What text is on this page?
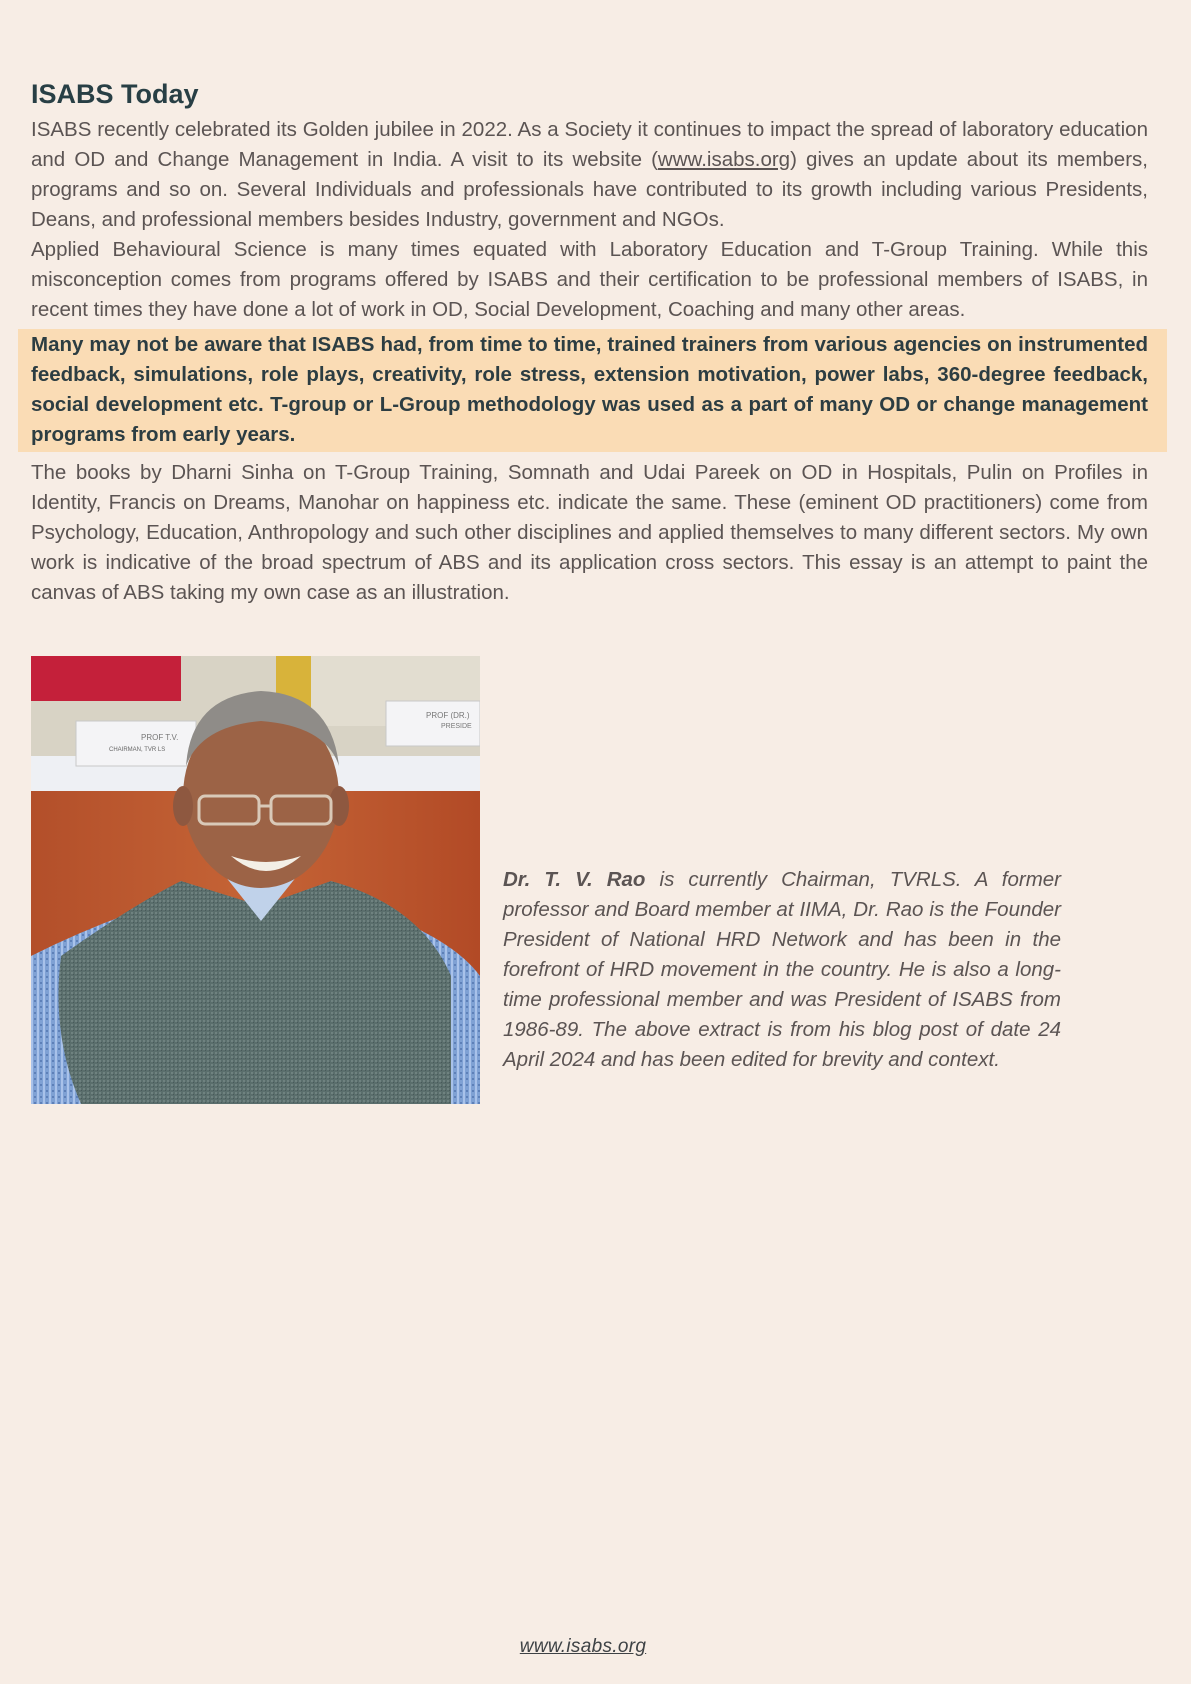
ISABS Today

ISABS recently celebrated its Golden jubilee in 2022. As a Society it continues to impact the spread of laboratory education and OD and Change Management in India. A visit to its website (www.isabs.org) gives an update about its members, programs and so on. Several Individuals and professionals have contributed to its growth including various Presidents, Deans, and professional members besides Industry, government and NGOs.

Applied Behavioural Science is many times equated with Laboratory Education and T-Group Training. While this misconception comes from programs offered by ISABS and their certification to be professional members of ISABS, in recent times they have done a lot of work in OD, Social Development, Coaching and many other areas.

Many may not be aware that ISABS had, from time to time, trained trainers from various agencies on instrumented feedback, simulations, role plays, creativity, role stress, extension motivation, power labs, 360-degree feedback, social development etc. T-group or L-Group methodology was used as a part of many OD or change management programs from early years.

The books by Dharni Sinha on T-Group Training, Somnath and Udai Pareek on OD in Hospitals, Pulin on Profiles in Identity, Francis on Dreams, Manohar on happiness etc. indicate the same. These (eminent OD practitioners) come from Psychology, Education, Anthropology and such other disciplines and applied themselves to many different sectors. My own work is indicative of the broad spectrum of ABS and its application cross sectors. This essay is an attempt to paint the canvas of ABS taking my own case as an illustration.

PROF T.V.
CHAIRMAN, TVR LS
PROF (DR.)
PRESIDE

Dr. T. V. Rao is currently Chairman, TVRLS. A former professor and Board member at IIMA, Dr. Rao is the Founder President of National HRD Network and has been in the forefront of HRD movement in the country. He is also a long-time professional member and was President of ISABS from 1986-89. The above extract is from his blog post of date 24 April 2024 and has been edited for brevity and context.

www.isabs.org
